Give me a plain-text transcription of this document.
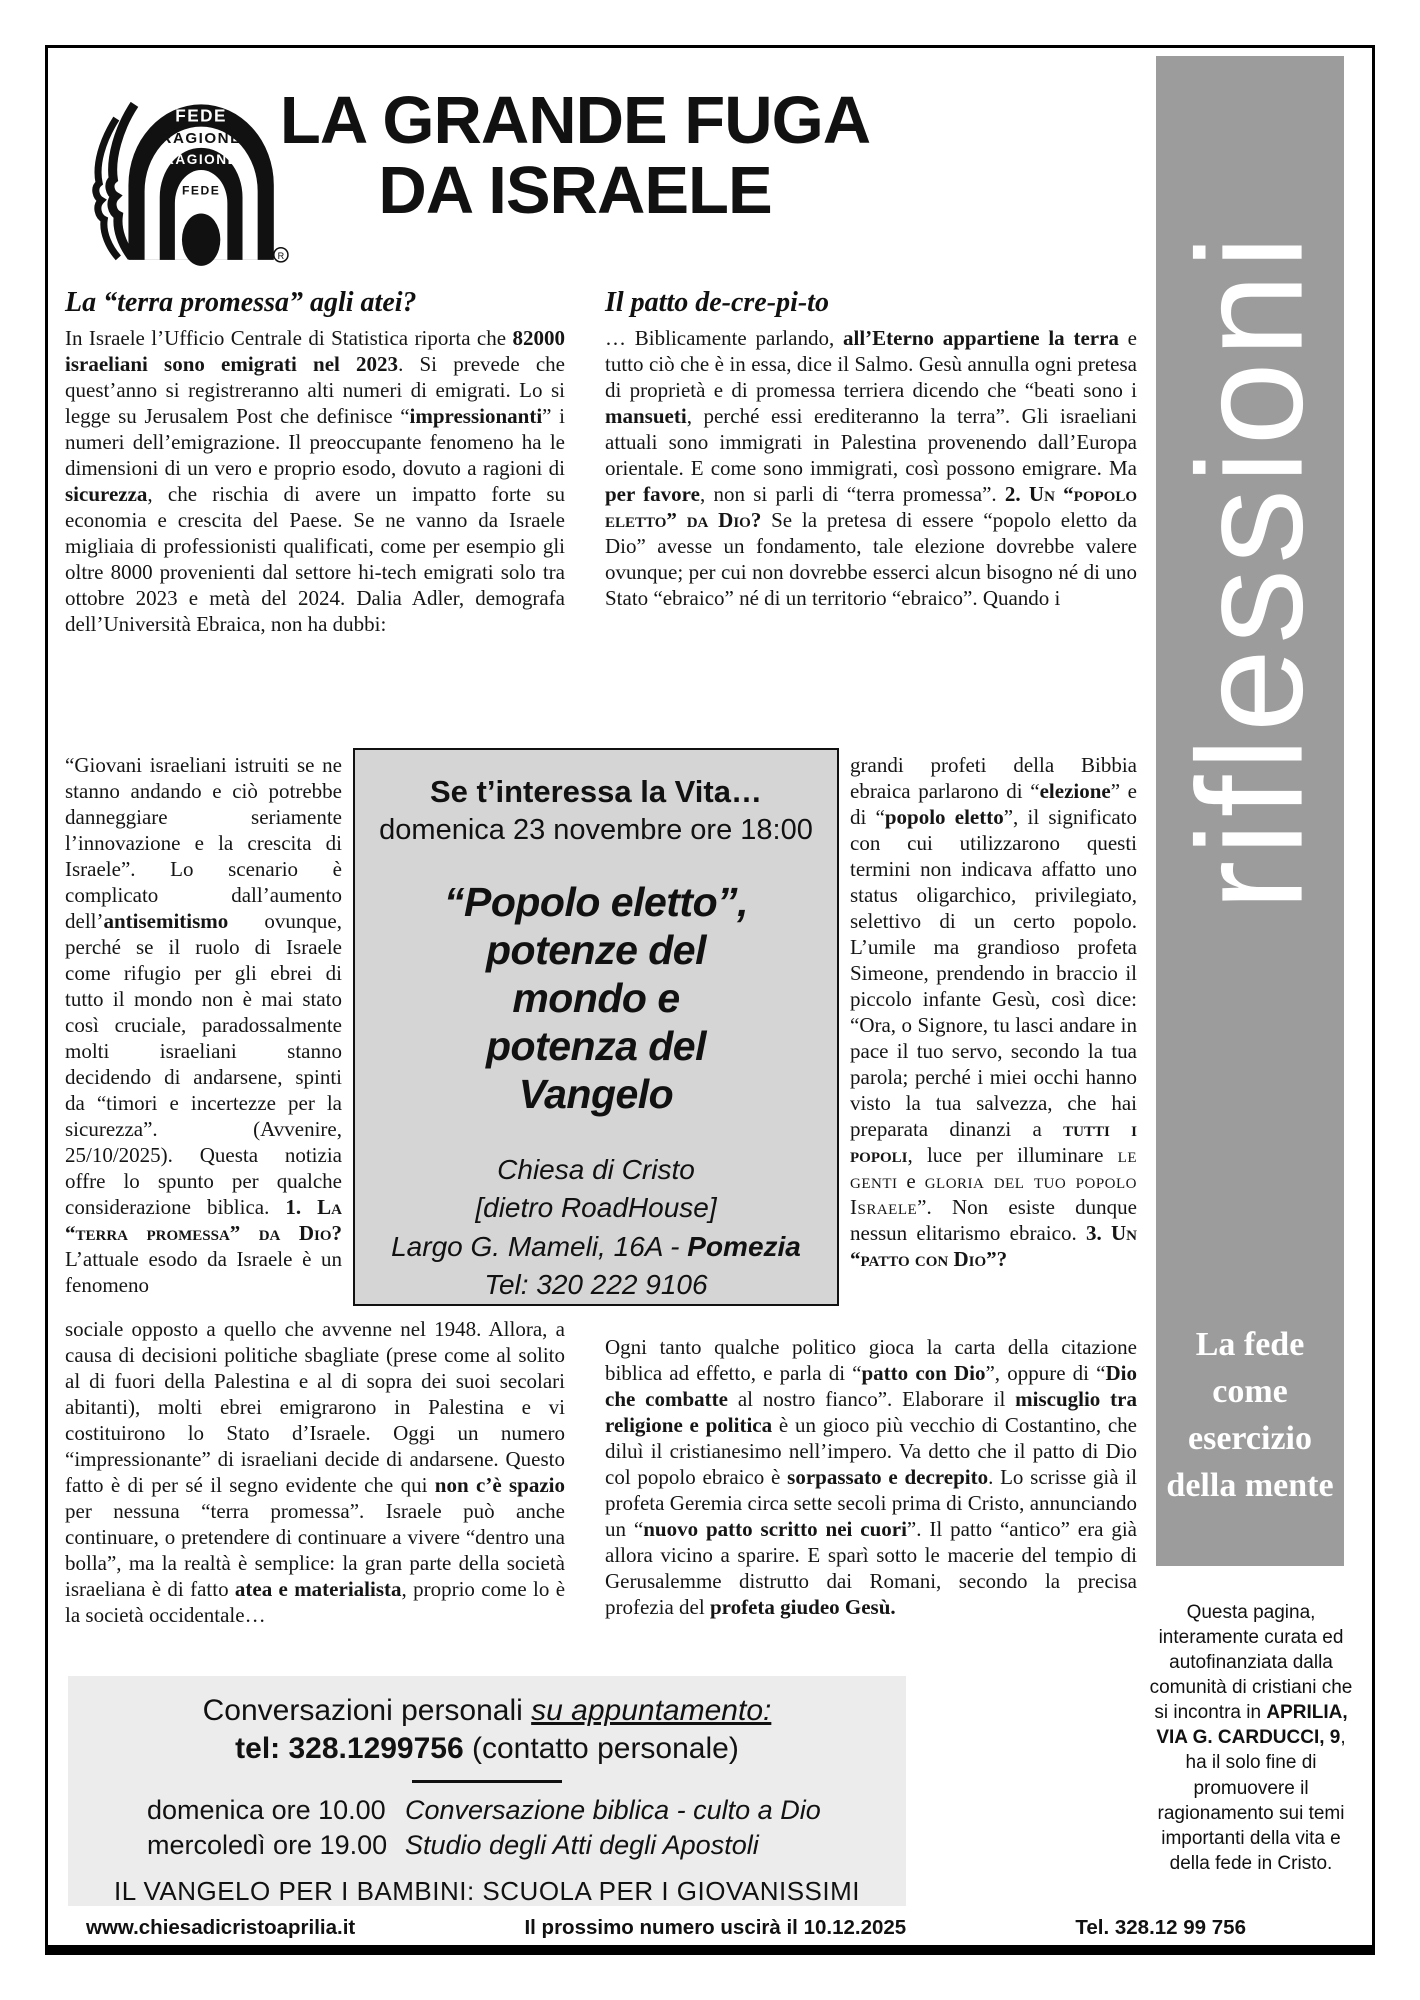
FEDE
RAGIONE
RAGIONE
FEDE
R
LA GRANDE FUGA
DA ISRAELE
riflessioni
La fede come esercizio della mente
Questa pagina, interamente curata ed autofinanziata dalla comunità di cristiani che si incontra in APRILIA, VIA G. CARDUCCI, 9, ha il solo fine di promuovere il ragionamento sui temi importanti della vita e della fede in Cristo.
La “terra promessa” agli atei?
In Israele l’Ufficio Centrale di Statistica riporta che 82000 israeliani sono emigrati nel 2023. Si prevede che quest’anno si registreranno alti numeri di emigrati. Lo si legge su Jerusalem Post che definisce “impressionanti” i numeri dell’emigrazione. Il preoccupante fenomeno ha le dimensioni di un vero e proprio esodo, dovuto a ragioni di sicurezza, che rischia di avere un impatto forte su economia e crescita del Paese. Se ne vanno da Israele migliaia di professionisti qualificati, come per esempio gli oltre 8000 provenienti dal settore hi-tech emigrati solo tra ottobre 2023 e metà del 2024. Dalia Adler, demografa dell’Università Ebraica, non ha dubbi:
“Giovani israeliani istruiti se ne stanno andando e ciò potrebbe danneggiare seriamente l’innovazione e la crescita di Israele”. Lo scenario è complicato dall’aumento dell’antisemitismo ovunque, perché se il ruolo di Israele come rifugio per gli ebrei di tutto il mondo non è mai stato così cruciale, paradossalmente molti israeliani stanno decidendo di andarsene, spinti da “timori e incertezze per la sicurezza”. (Avvenire, 25/10/2025). Questa notizia offre lo spunto per qualche considerazione biblica. 1. La “terra promessa” da Dio? L’attuale esodo da Israele è un fenomeno
sociale opposto a quello che avvenne nel 1948. Allora, a causa di decisioni politiche sbagliate (prese come al solito al di fuori della Palestina e al di sopra dei suoi secolari abitanti), molti ebrei emigrarono in Palestina e vi costituirono lo Stato d’Israele. Oggi un numero “impressionante” di israeliani decide di andarsene. Questo fatto è di per sé il segno evidente che qui non c’è spazio per nessuna “terra promessa”. Israele può anche continuare, o pretendere di continuare a vivere “dentro una bolla”, ma la realtà è semplice: la gran parte della società israeliana è di fatto atea e materialista, proprio come lo è la società occidentale…
Il patto de-cre-pi-to
… Biblicamente parlando, all’Eterno appartiene la terra e tutto ciò che è in essa, dice il Salmo. Gesù annulla ogni pretesa di proprietà e di promessa terriera dicendo che “beati sono i mansueti, perché essi erediteranno la terra”. Gli israeliani attuali sono immigrati in Palestina provenendo dall’Europa orientale. E come sono immigrati, così possono emigrare. Ma per favore, non si parli di “terra promessa”. 2. Un “popolo eletto” da Dio? Se la pretesa di essere “popolo eletto da Dio” avesse un fondamento, tale elezione dovrebbe valere ovunque; per cui non dovrebbe esserci alcun bisogno né di uno Stato “ebraico” né di un territorio “ebraico”. Quando i
grandi profeti della Bibbia ebraica parlarono di “elezione” e di “popolo eletto”, il significato con cui utilizzarono questi termini non indicava affatto uno status oligarchico, privilegiato, selettivo di un certo popolo. L’umile ma grandioso profeta Simeone, prendendo in braccio il piccolo infante Gesù, così dice: “Ora, o Signore, tu lasci andare in pace il tuo servo, secondo la tua parola; perché i miei occhi hanno visto la tua salvezza, che hai preparata dinanzi a tutti i popoli, luce per illuminare le genti e gloria del tuo popolo Israele”. Non esiste dunque nessun elitarismo ebraico. 3. Un “patto con Dio”?
Ogni tanto qualche politico gioca la carta della citazione biblica ad effetto, e parla di “patto con Dio”, oppure di “Dio che combatte al nostro fianco”. Elaborare il miscuglio tra religione e politica è un gioco più vecchio di Costantino, che diluì il cristianesimo nell’impero. Va detto che il patto di Dio col popolo ebraico è sorpassato e decrepito. Lo scrisse già il profeta Geremia circa sette secoli prima di Cristo, annunciando un “nuovo patto scritto nei cuori”. Il patto “antico” era già allora vicino a sparire. E sparì sotto le macerie del tempio di Gerusalemme distrutto dai Romani, secondo la precisa profezia del profeta giudeo Gesù.
Se t’interessa la Vita…
domenica 23 novembre ore 18:00
“Popolo eletto”,
potenze del
mondo e
potenza del
Vangelo
Chiesa di Cristo
[dietro RoadHouse]
Largo G. Mameli, 16A - Pomezia
Tel: 320 222 9106
Conversazioni personali su appuntamento:
tel: 328.1299756 (contatto personale)
domenica ore 10.00 Conversazione biblica - culto a Dio
mercoledì ore 19.00 Studio degli Atti degli Apostoli
IL VANGELO PER I BAMBINI: SCUOLA PER I GIOVANISSIMI
www.chiesadicristoaprilia.it	Il prossimo numero uscirà il 10.12.2025	Tel. 328.12 99 756
